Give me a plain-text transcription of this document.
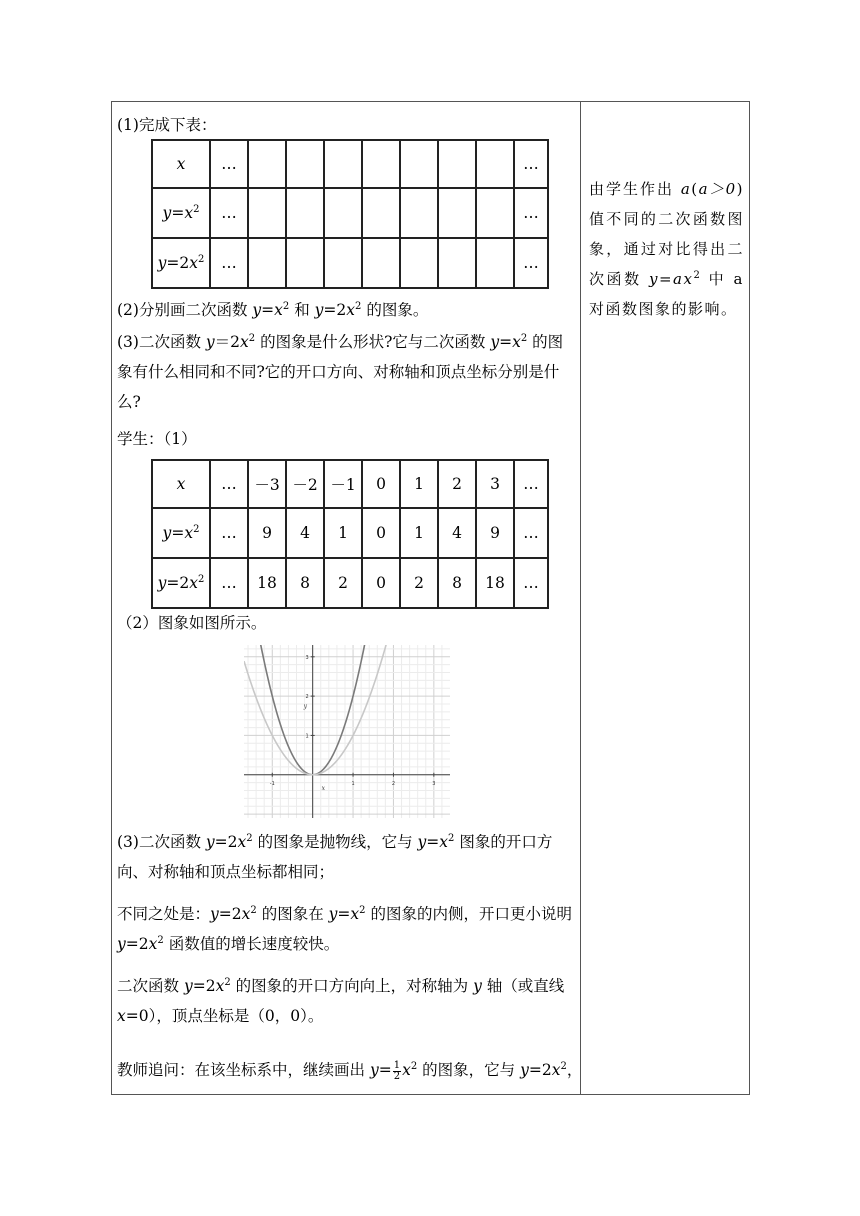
(1)完成下表：
x	…								…
$y=x^2$	…								…
$y=2x^2$	…								…
(2)分别画二次函数 $y=x^2$ 和 $y=2x^2$ 的图象。
(3)二次函数 $y=2x^2$ 的图象是什么形状?它与二次函数 $y=x^2$ 的图象有什么相同和不同?它的开口方向、对称轴和顶点坐标分别是什么?
学生：（1）
x	…	－3	－2	－1	0	1	2	3	…
$y=x^2$	…	9	4	1	0	1	4	9	…
$y=2x^2$	…	18	8	2	0	2	8	18	…
（2）图象如图所示。
-1	1	2	3
1
2
3
x
y
(3)二次函数 $y=2x^2$ 的图象是抛物线，它与 $y=x^2$ 图象的开口方向、对称轴和顶点坐标都相同；
不同之处是：$y=2x^2$ 的图象在 $y=x^2$ 的图象的内侧，开口更小说明 $y=2x^2$ 函数值的增长速度较快。
二次函数 $y=2x^2$ 的图象的开口方向向上，对称轴为 y 轴（或直线 x=0），顶点坐标是（0，0）。
教师追问：在该坐标系中，继续画出 $y= \frac{1}{2} x^2$ 的图象，它与 $y=2x^2$，
由学生作出 a(a＞0) 值不同的二次函数图象，通过对比得出二次函数 $y=ax^2$ 中 a 对函数图象的影响。
